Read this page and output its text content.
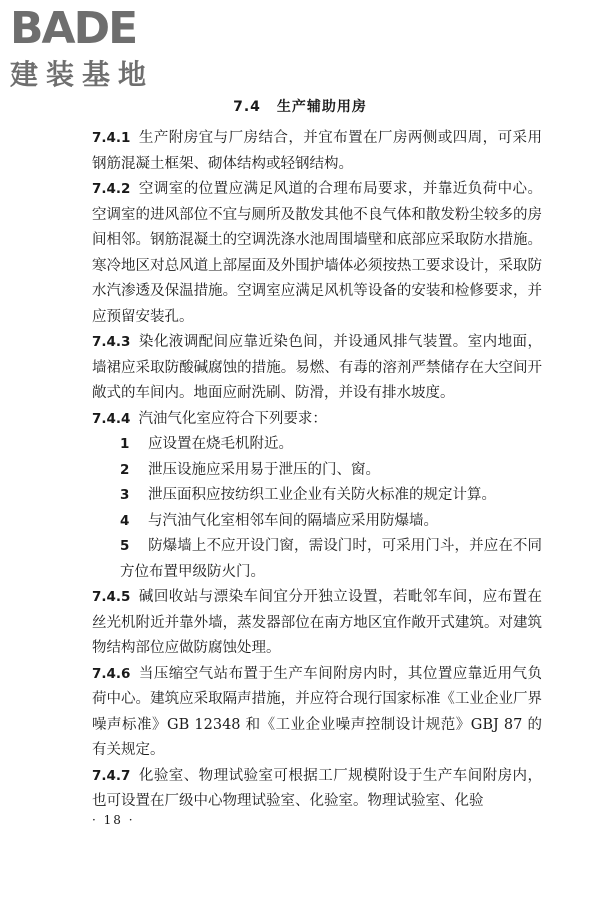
BADE
建装基地
7.4 生产辅助用房

7.4.1 生产附房宜与厂房结合，并宜布置在厂房两侧或四周，可采用钢筋混凝土框架、砌体结构或轻钢结构。

7.4.2 空调室的位置应满足风道的合理布局要求，并靠近负荷中心。空调室的进风部位不宜与厕所及散发其他不良气体和散发粉尘较多的房间相邻。钢筋混凝土的空调洗涤水池周围墙壁和底部应采取防水措施。寒冷地区对总风道上部屋面及外围护墙体必须按热工要求设计，采取防水汽渗透及保温措施。空调室应满足风机等设备的安装和检修要求，并应预留安装孔。

7.4.3 染化液调配间应靠近染色间，并设通风排气装置。室内地面，墙裙应采取防酸碱腐蚀的措施。易燃、有毒的溶剂严禁储存在大空间开敞式的车间内。地面应耐洗刷、防滑，并设有排水坡度。

7.4.4 汽油气化室应符合下列要求：

1 应设置在烧毛机附近。

2 泄压设施应采用易于泄压的门、窗。

3 泄压面积应按纺织工业企业有关防火标准的规定计算。

4 与汽油气化室相邻车间的隔墙应采用防爆墙。

5 防爆墙上不应开设门窗，需设门时，可采用门斗，并应在不同方位布置甲级防火门。

7.4.5 碱回收站与漂染车间宜分开独立设置，若毗邻车间，应布置在丝光机附近并靠外墙，蒸发器部位在南方地区宜作敞开式建筑。对建筑物结构部位应做防腐蚀处理。

7.4.6 当压缩空气站布置于生产车间附房内时，其位置应靠近用气负荷中心。建筑应采取隔声措施，并应符合现行国家标准《工业企业厂界噪声标准》GB 12348 和《工业企业噪声控制设计规范》GBJ 87 的有关规定。

7.4.7 化验室、物理试验室可根据工厂规模附设于生产车间附房内，也可设置在厂级中心物理试验室、化验室。物理试验室、化验

· 18 ·
